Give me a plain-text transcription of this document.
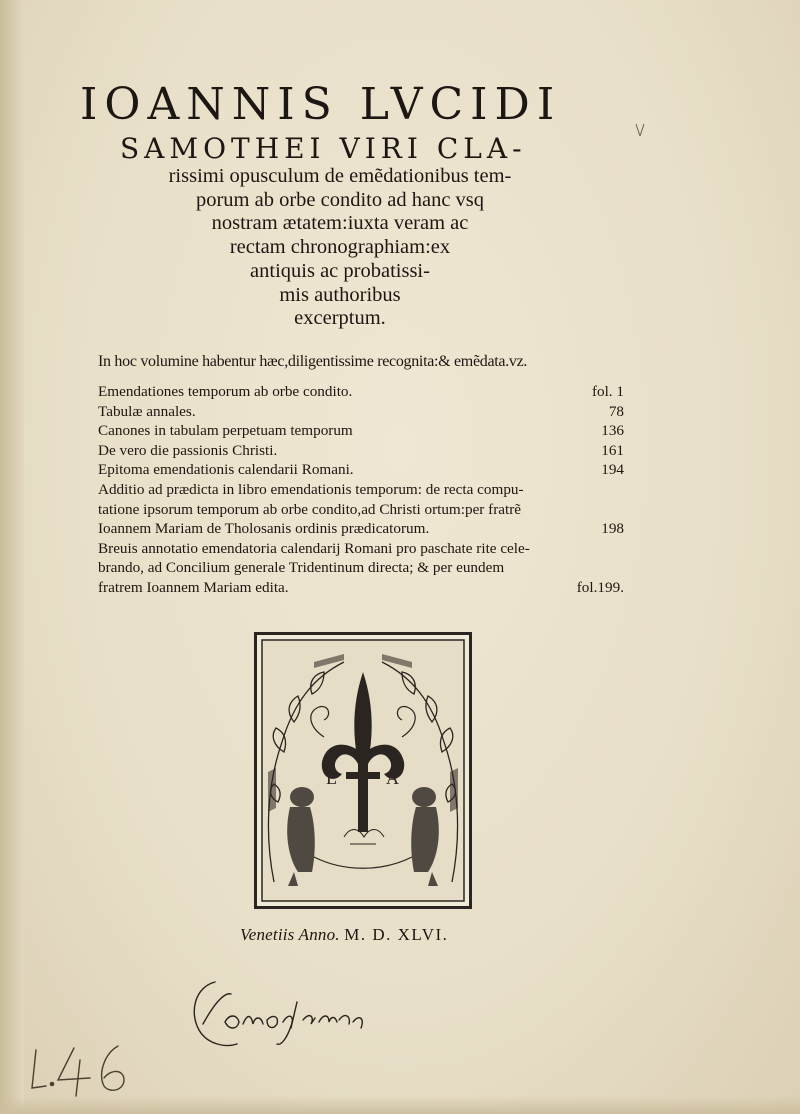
IOANNIS LVCIDI
SAMOTHEI VIRI CLA-
rissimi opusculum de emẽdationibus tem-
porum ab orbe condito ad hanc vsq
nostram ætatem:iuxta veram ac
rectam chronographiam:ex
antiquis ac probatissi-
mis authoribus
excerptum.
In hoc volumine habentur hæc,diligentissime recognita:& emẽdata.vz.
Emendationes temporum ab orbe condito.	fol. 1
Tabulæ annales.	78
Canones in tabulam perpetuam temporum	136
De vero die passionis Christi.	161
Epitoma emendationis calendarii Romani.	194
Additio ad prædicta in libro emendationis temporum: de recta compu-
tatione ipsorum temporum ab orbe condito,ad Christi ortum:per fratrẽ
Ioannem Mariam de Tholosanis ordinis prædicatorum.	198
Breuis annotatio emendatoria calendarij Romani pro paschate rite cele-
brando, ad Concilium generale Tridentinum directa; & per eundem
fratrem Ioannem Mariam edita.	fol.199.
L	A
Venetiis Anno. M. D. XLVI.
